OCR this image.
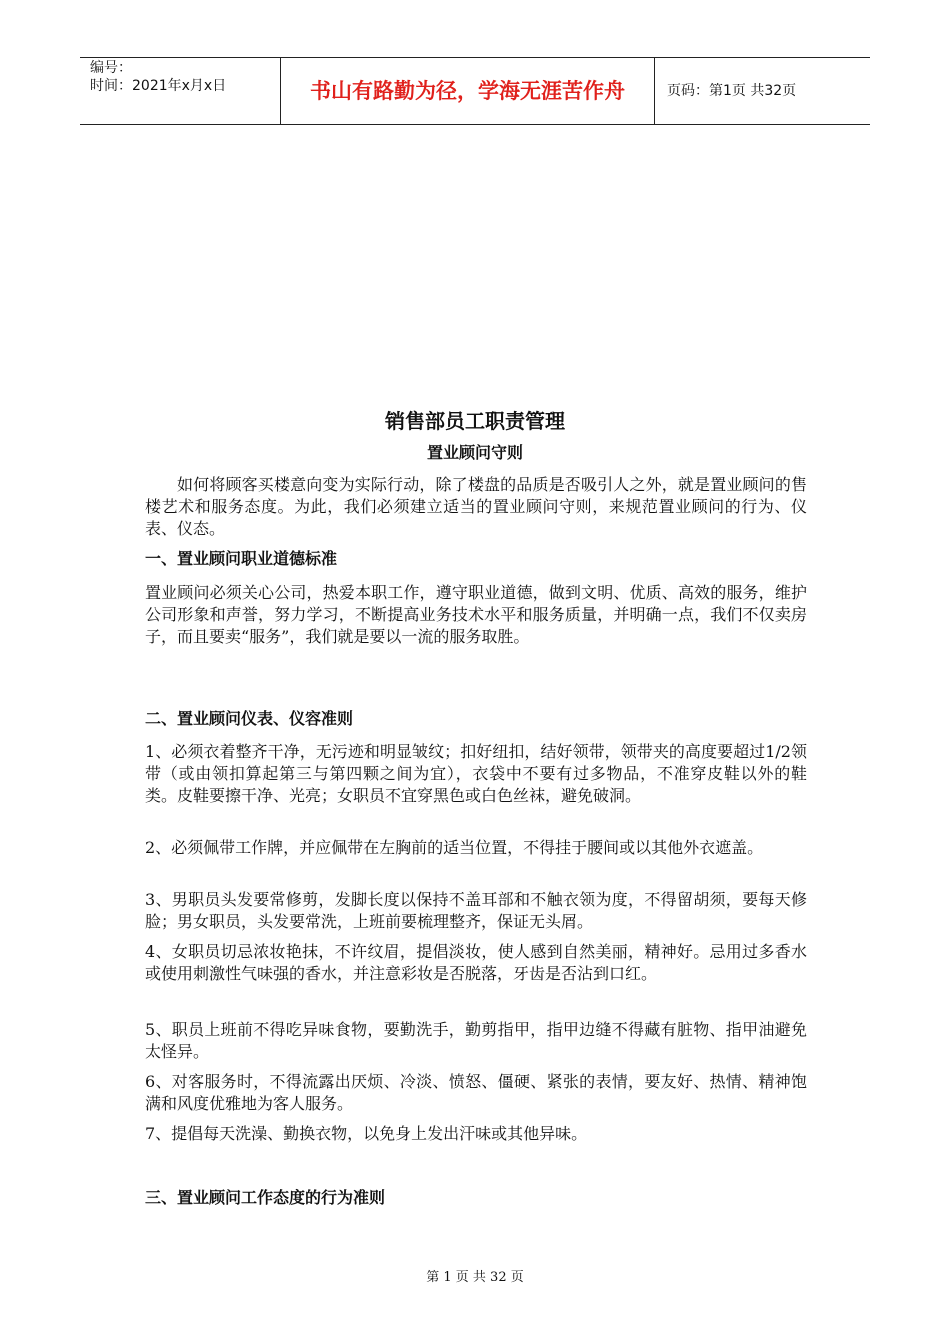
编号：
时间：2021年x月x日	书山有路勤为径，学海无涯苦作舟	页码：第1页 共32页
销售部员工职责管理
置业顾问守则

如何将顾客买楼意向变为实际行动，除了楼盘的品质是否吸引人之外，就是置业顾问的售楼艺术和服务态度。为此，我们必须建立适当的置业顾问守则，来规范置业顾问的行为、仪表、仪态。

一、置业顾问职业道德标准

置业顾问必须关心公司，热爱本职工作，遵守职业道德，做到文明、优质、高效的服务，维护公司形象和声誉，努力学习，不断提高业务技术水平和服务质量，并明确一点，我们不仅卖房子，而且要卖“服务”，我们就是要以一流的服务取胜。

二、置业顾问仪表、仪容准则

1、必须衣着整齐干净，无污迹和明显皱纹；扣好纽扣，结好领带，领带夹的高度要超过1/2领带（或由领扣算起第三与第四颗之间为宜），衣袋中不要有过多物品，不准穿皮鞋以外的鞋类。皮鞋要擦干净、光亮；女职员不宜穿黑色或白色丝袜，避免破洞。

2、必须佩带工作牌，并应佩带在左胸前的适当位置，不得挂于腰间或以其他外衣遮盖。

3、男职员头发要常修剪，发脚长度以保持不盖耳部和不触衣领为度，不得留胡须，要每天修脸；男女职员，头发要常洗，上班前要梳理整齐，保证无头屑。

4、女职员切忌浓妆艳抹，不许纹眉，提倡淡妆，使人感到自然美丽，精神好。忌用过多香水或使用刺激性气味强的香水，并注意彩妆是否脱落，牙齿是否沾到口红。

5、职员上班前不得吃异味食物，要勤洗手，勤剪指甲，指甲边缝不得藏有脏物、指甲油避免太怪异。

6、对客服务时，不得流露出厌烦、冷淡、愤怒、僵硬、紧张的表情，要友好、热情、精神饱满和风度优雅地为客人服务。

7、提倡每天洗澡、勤换衣物，以免身上发出汗味或其他异味。

三、置业顾问工作态度的行为准则
第 1 页 共 32 页
